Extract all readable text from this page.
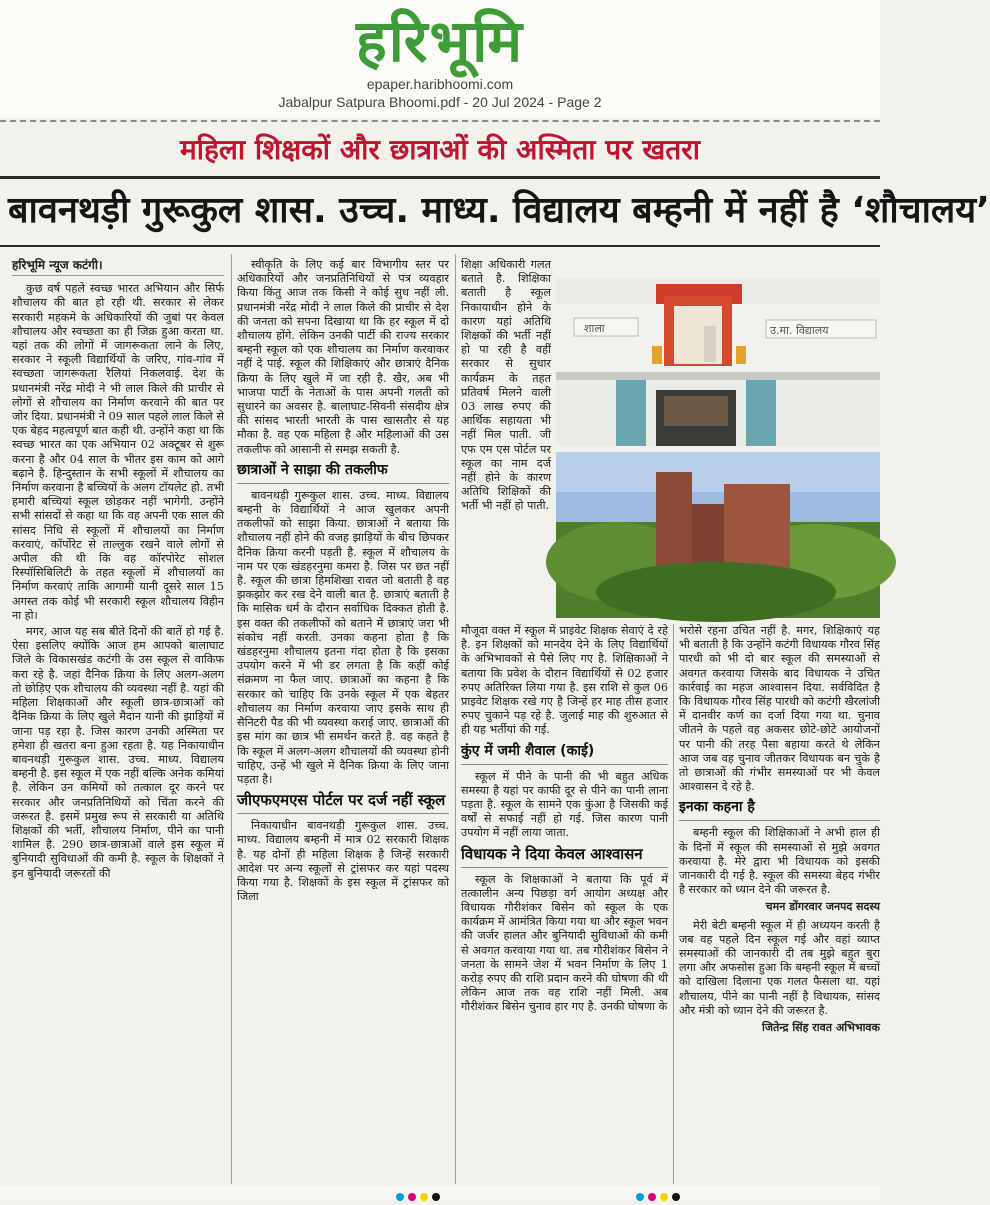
हरिभूमि
epaper.haribhoomi.com
Jabalpur Satpura Bhoomi.pdf - 20 Jul 2024 - Page 2
महिला शिक्षकों और छात्राओं की अस्मिता पर खतरा
बावनथड़ी गुरूकुल शास. उच्च. माध्य. विद्यालय बम्हनी में नहीं है ‘शौचालय’
हरिभूमि न्यूज कटंगी।

कुछ वर्ष पहले स्वच्छ भारत अभियान और सिर्फ शौचालय की बात हो रही थी. सरकार से लेकर सरकारी महकमे के अधिकारियों की जुबां पर केवल शौचालय और स्वच्छता का ही जिक्र हुआ करता था. यहां तक की लोगों में जागरूकता लाने के लिए, सरकार ने स्कूली विद्यार्थियों के जरिए, गांव-गांव में स्वच्छता जागरूकता रैलियां निकलवाई. देश के प्रधानमंत्री नरेंद्र मोदी ने भी लाल किले की प्राचीर से लोगों से शौचालय का निर्माण करवाने की बात पर जोर दिया. प्रधानमंत्री ने 09 साल पहले लाल किले से एक बेहद महत्वपूर्ण बात कही थी. उन्होंने कहा था कि स्वच्छ भारत का एक अभियान 02 अक्टूबर से शुरू करना है और 04 साल के भीतर इस काम को आगे बढ़ाने है. हिन्दुस्तान के सभी स्कूलों में शौचालय का निर्माण करवाना है बच्चियों के अलग टॉयलेट हो. तभी हमारी बच्चियां स्कूल छोड़कर नहीं भागेगी. उन्होंने सभी सांसदों से कहा था कि वह अपनी एक साल की सांसद निधि से स्कूलों में शौचालयों का निर्माण करवाएं, कॉर्पोरेट से ताल्लुक रखने वाले लोगों से अपील की थी कि वह कॉरपोरेट सोशल रिस्पॉसिबिलिटी के तहत स्कूलों में शौचालयों का निर्माण करवाएं ताकि आगामी यानी दूसरे साल 15 अगस्त तक कोई भी सरकारी स्कूल शौचालय विहीन ना हो।

मगर, आज यह सब बीते दिनों की बातें हो गई है. ऐसा इसलिए क्योंकि आज हम आपको बालाघाट जिले के विकासखंड कटंगी के उस स्कूल से वाकिफ करा रहे है. जहां दैनिक क्रिया के लिए अलग-अलग तो छोड़िए एक शौचालय की व्यवस्था नहीं है. यहां की महिला शिक्षकाओं और स्कूली छात्र-छात्राओं को दैनिक क्रिया के लिए खुले मैदान यानी की झाड़ियों में जाना पड़ रहा है. जिस कारण उनकी अस्मिता पर हमेशा ही खतरा बना हुआ रहता है. यह निकायाधीन बावनथड़ी गुरूकुल शास. उच्च. माध्य. विद्यालय बम्हनी है. इस स्कूल में एक नहीं बल्कि अनेक कमियां है. लेकिन उन कमियों को तत्काल दूर करने पर सरकार और जनप्रतिनिधियों को चिंता करने की जरूरत है. इसमें प्रमुख रूप से सरकारी या अतिथि शिक्षकों की भर्ती, शौचालय निर्माण, पीने का पानी शामिल है. 290 छात्र-छात्राओं वाले इस स्कूल में बुनियादी सुविधाओं की कमी है. स्कूल के शिक्षकों ने इन बुनियादी जरूरतों की

स्वीकृति के लिए कई बार विभागीय स्तर पर अधिकारियों और जनप्रतिनिधियों से पत्र व्यवहार किया किंतु आज तक किसी ने कोई सुध नहीं ली. प्रधानमंत्री नरेंद्र मोदी ने लाल किले की प्राचीर से देश की जनता को सपना दिखाया था कि हर स्कूल में दो शौचालय होंगे. लेकिन उनकी पार्टी की राज्य सरकार बम्हनी स्कूल को एक शौचालय का निर्माण करवाकर नहीं दे पाई. स्कूल की शिक्षिकाएं और छात्राएं दैनिक क्रिया के लिए खुले में जा रही है. खैर, अब भी भाजपा पार्टी के नेताओं के पास अपनी गलती को सुधारने का अवसर है. बालाघाट-सिवनी संसदीय क्षेत्र की सांसद भारती भारती के पास खासतौर से यह मौका है. वह एक महिला है और महिलाओं की उस तकलीफ को आसानी से समझ सकती है.

छात्राओं ने साझा की तकलीफ

बावनथड़ी गुरूकुल शास. उच्च. माध्य. विद्यालय बम्हनी के विद्यार्थियों ने आज खुलकर अपनी तकलीफों को साझा किया. छात्राओं ने बताया कि शौचालय नहीं होने की वजह झाड़ियों के बीच छिपकर दैनिक क्रिया करनी पड़ती है. स्कूल में शौचालय के नाम पर एक खंडहरनुमा कमरा है. जिस पर छत नहीं है. स्कूल की छात्रा हिमशिखा रावत जो बताती है वह झकझोर कर रख देने वाली बात है. छात्राएं बताती है कि मासिक धर्म के दौरान सर्वाधिक दिक्कत होती है. इस वक्त की तकलीफों को बताने में छात्राएं जरा भी संकोच नहीं करती. उनका कहना होता है कि खंडहरनुमा शौचालय इतना गंदा होता है कि इसका उपयोग करने में भी डर लगता है कि कहीं कोई संक्रमण ना फैल जाए. छात्राओं का कहना है कि सरकार को चाहिए कि उनके स्कूल में एक बेहतर शौचालय का निर्माण करवाया जाए इसके साथ ही सैनिटरी पैड की भी व्यवस्था कराई जाए. छात्राओं की इस मांग का छात्र भी समर्थन करते है. वह कहते है कि स्कूल में अलग-अलग शौचालयों की व्यवस्था होनी चाहिए, उन्हें भी खुले में दैनिक क्रिया के लिए जाना पड़ता है।

जीएफएमएस पोर्टल पर दर्ज नहीं स्कूल

निकायाधीन बावनथड़ी गुरूकुल शास. उच्च. माध्य. विद्यालय बम्हनी में मात्र 02 सरकारी शिक्षक है. यह दोनों ही महिला शिक्षक है जिन्हें सरकारी आदेश पर अन्य स्कूलों से ट्रांसफर कर यहां पदस्थ किया गया है. शिक्षकों के इस स्कूल में ट्रांसफर को जिला

शिक्षा अधिकारी गलत बताते है. शिक्षिका बताती है स्कूल निकायाधीन होने के कारण यहां अतिथि शिक्षकों की भर्ती नहीं हो पा रही है वहीं सरकार से सुधार कार्यक्रम के तहत प्रतिवर्ष मिलने वाली 03 लाख रुपए की आर्थिक सहायता भी नहीं मिल पाती. जी एफ एम एस पोर्टल पर स्कूल का नाम दर्ज नहीं होने के कारण अतिथि शिक्षिकों की भर्ती भी नहीं हो पाती.

उ.मा. विद्यालय
शाला

मौजूदा वक्त में स्कूल में प्राइवेट शिक्षक सेवाएं दे रहे है. इन शिक्षकों को मानदेय देने के लिए विद्यार्थियों के अभिभावकों से पैसे लिए गए है. शिक्षिकाओं ने बताया कि प्रवेश के दौरान विद्यार्थियों से 02 हजार रुपए अतिरिक्त लिया गया है. इस राशि से कुल 06 प्राइवेट शिक्षक रखे गए है जिन्हें हर माह तीस हजार रुपए चुकाने पड़ रहे है. जुलाई माह की शुरुआत से ही यह भर्तीयां की गई.

कुंए में जमी शैवाल (काई)

स्कूल में पीने के पानी की भी बहुत अधिक समस्या है यहां पर काफी दूर से पीने का पानी लाना पड़ता है. स्कूल के सामने एक कुंआ है जिसकी कई वर्षों से सफाई नहीं हो गई. जिस कारण पानी उपयोग में नहीं लाया जाता.

विधायक ने दिया केवल आश्वासन

स्कूल के शिक्षकाओं ने बताया कि पूर्व में तत्कालीन अन्य पिछड़ा वर्ग आयोग अध्यक्ष और विधायक गौरीशंकर बिसेन को स्कूल के एक कार्यक्रम में आमंत्रित किया गया था और स्कूल भवन की जर्जर हालत और बुनियादी सुविधाओं की कमी से अवगत करवाया गया था. तब गौरीशंकर बिसेन ने जनता के सामने जेश में भवन निर्माण के लिए 1 करोड़ रुपए की राशि प्रदान करने की घोषणा की थी लेकिन आज तक वह राशि नहीं मिली. अब गौरीशंकर बिसेन चुनाव हार गए है. उनकी घोषणा के

भरोसे रहना उचित नहीं है. मगर, शिक्षिकाएं यह भी बताती है कि उन्होंने कटंगी विधायक गौरव सिंह पारधी को भी दो बार स्कूल की समस्याओं से अवगत करवाया जिसके बाद विधायक ने उचित कार्रवाई का महज आश्वासन दिया. सर्वविदित है कि विधायक गौरव सिंह पारधी को कटंगी खैरलांजी में दानवीर कर्ण का दर्जा दिया गया था. चुनाव जीतने के पहले वह अकसर छोटे-छोटे आयोजनों पर पानी की तरह पैसा बहाया करते थे लेकिन आज जब वह चुनाव जीतकर विधायक बन चुके है तो छात्राओं की गंभीर समस्याओं पर भी केवल आश्वासन दे रहे है.

इनका कहना है

बम्हनी स्कूल की शिक्षिकाओं ने अभी हाल ही के दिनों में स्कूल की समस्याओं से मुझे अवगत करवाया है. मेरे द्वारा भी विधायक को इसकी जानकारी दी गई है. स्कूल की समस्या बेहद गंभीर है सरकार को ध्यान देने की जरूरत है.

चमन डोंगरवार जनपद सदस्य

मेरी बेटी बम्हनी स्कूल में ही अध्ययन करती है जब वह पहले दिन स्कूल गई और वहां व्याप्त समस्याओं की जानकारी दी तब मुझे बहुत बुरा लगा और अफसोस हुआ कि बम्हनी स्कूल में बच्चों को दाखिला दिलाना एक गलत फैसला था. यहां शौचालय, पीने का पानी नहीं है विधायक, सांसद और मंत्री को ध्यान देने की जरूरत है.

जितेन्द्र सिंह रावत अभिभावक
